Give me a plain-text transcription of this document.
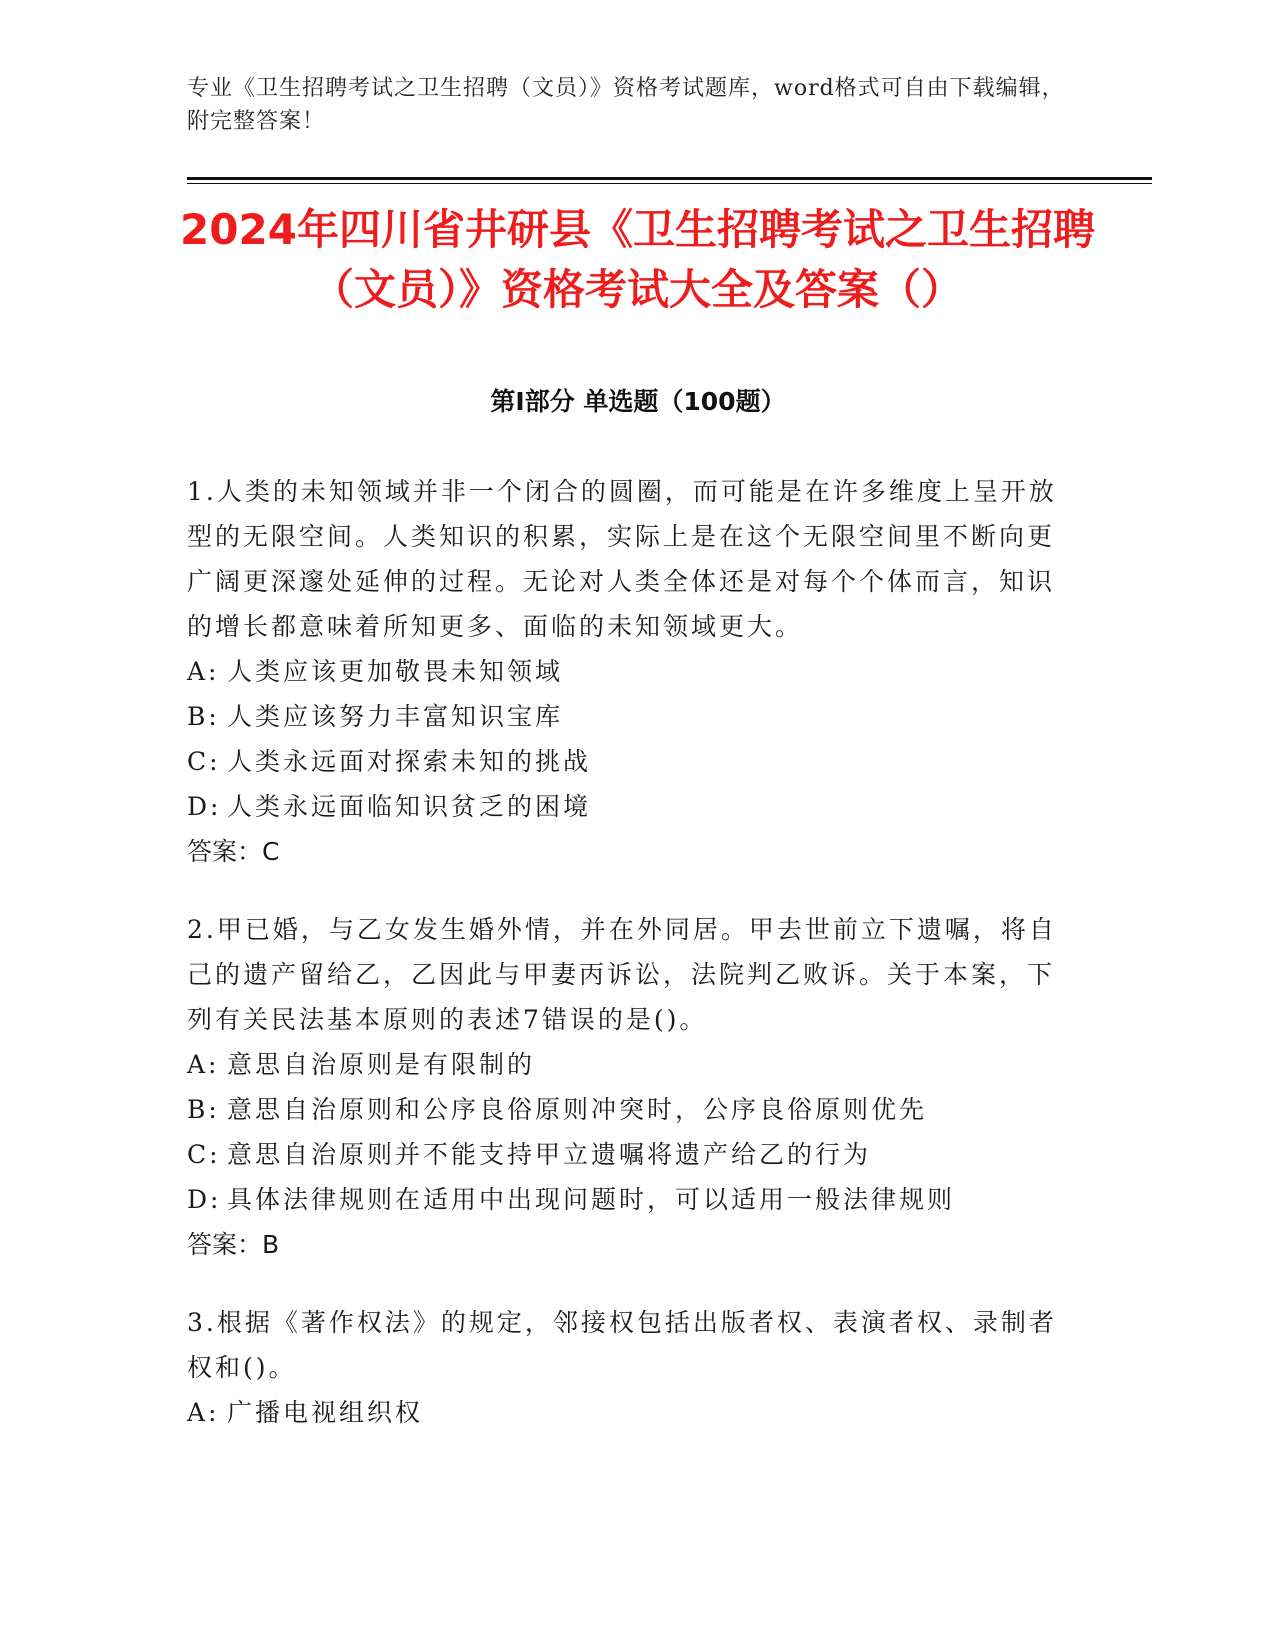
专业《卫生招聘考试之卫生招聘（文员）》资格考试题库，word格式可自由下载编辑，附完整答案！
2024年四川省井研县《卫生招聘考试之卫生招聘（文员）》资格考试大全及答案（）
第Ⅰ部分 单选题（100题）

1.人类的未知领域并非一个闭合的圆圈，而可能是在许多维度上呈开放型的无限空间。人类知识的积累，实际上是在这个无限空间里不断向更广阔更深邃处延伸的过程。无论对人类全体还是对每个个体而言，知识的增长都意味着所知更多、面临的未知领域更大。

A: 人类应该更加敬畏未知领域

B: 人类应该努力丰富知识宝库

C: 人类永远面对探索未知的挑战

D: 人类永远面临知识贫乏的困境

答案：C

2.甲已婚，与乙女发生婚外情，并在外同居。甲去世前立下遗嘱，将自己的遗产留给乙，乙因此与甲妻丙诉讼，法院判乙败诉。关于本案，下列有关民法基本原则的表述7错误的是()。

A: 意思自治原则是有限制的

B: 意思自治原则和公序良俗原则冲突时，公序良俗原则优先

C: 意思自治原则并不能支持甲立遗嘱将遗产给乙的行为

D: 具体法律规则在适用中出现问题时，可以适用一般法律规则

答案：B

3.根据《著作权法》的规定，邻接权包括出版者权、表演者权、录制者权和()。

A: 广播电视组织权
